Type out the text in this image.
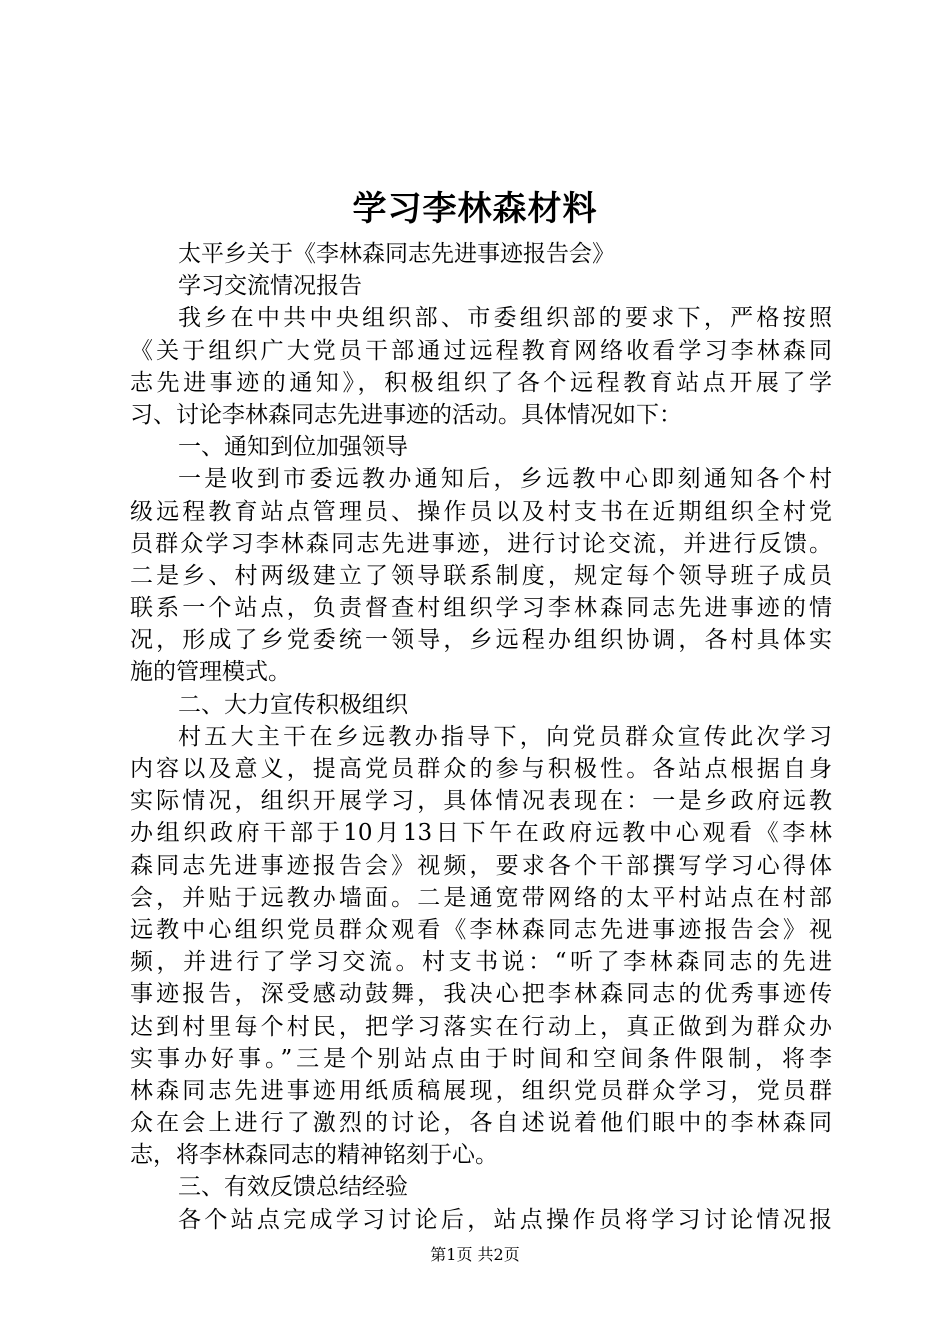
学习李林森材料
太平乡关于《李林森同志先进事迹报告会》
学习交流情况报告
我乡在中共中央组织部、市委组织部的要求下，严格按照
《关于组织广大党员干部通过远程教育网络收看学习李林森同
志先进事迹的通知》，积极组织了各个远程教育站点开展了学
习、讨论李林森同志先进事迹的活动。具体情况如下：
一、通知到位加强领导
一是收到市委远教办通知后，乡远教中心即刻通知各个村
级远程教育站点管理员、操作员以及村支书在近期组织全村党
员群众学习李林森同志先进事迹，进行讨论交流，并进行反馈。
二是乡、村两级建立了领导联系制度，规定每个领导班子成员
联系一个站点，负责督查村组织学习李林森同志先进事迹的情
况，形成了乡党委统一领导，乡远程办组织协调，各村具体实
施的管理模式。
二、大力宣传积极组织
村五大主干在乡远教办指导下，向党员群众宣传此次学习
内容以及意义，提高党员群众的参与积极性。各站点根据自身
实际情况，组织开展学习，具体情况表现在：一是乡政府远教
办组织政府干部于10月13日下午在政府远教中心观看《李林
森同志先进事迹报告会》视频，要求各个干部撰写学习心得体
会，并贴于远教办墙面。二是通宽带网络的太平村站点在村部
远教中心组织党员群众观看《李林森同志先进事迹报告会》视
频，并进行了学习交流。村支书说：“听了李林森同志的先进
事迹报告，深受感动鼓舞，我决心把李林森同志的优秀事迹传
达到村里每个村民，把学习落实在行动上，真正做到为群众办
实事办好事。”三是个别站点由于时间和空间条件限制，将李
林森同志先进事迹用纸质稿展现，组织党员群众学习，党员群
众在会上进行了激烈的讨论，各自述说着他们眼中的李林森同
志，将李林森同志的精神铭刻于心。
三、有效反馈总结经验
各个站点完成学习讨论后，站点操作员将学习讨论情况报
第1页 共2页
